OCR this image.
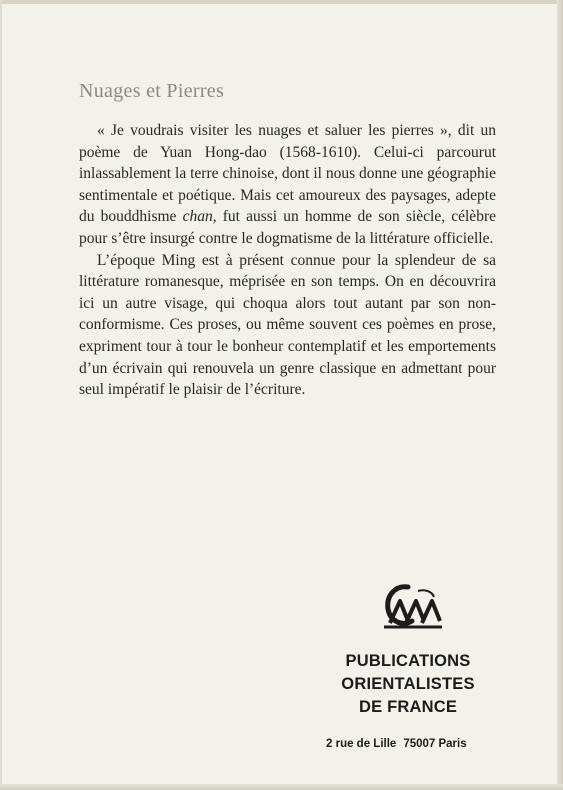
Nuages et Pierres

« Je voudrais visiter les nuages et saluer les pierres », dit un poème de Yuan Hong-dao (1568-1610). Celui-ci parcourut inlassablement la terre chinoise, dont il nous donne une géographie sentimentale et poétique. Mais cet amoureux des paysages, adepte du bouddhisme chan, fut aussi un homme de son siècle, célèbre pour s’être insurgé contre le dogmatisme de la littérature officielle.

L’époque Ming est à présent connue pour la splendeur de sa littérature romanesque, méprisée en son temps. On en découvrira ici un autre visage, qui choqua alors tout autant par son non-conformisme. Ces proses, ou même souvent ces poèmes en prose, expriment tour à tour le bonheur contemplatif et les emportements d’un écrivain qui renouvela un genre classique en admettant pour seul impératif le plaisir de l’écriture.

PUBLICATIONS
ORIENTALISTES
DE FRANCE
2 rue de Lille 75007 Paris
